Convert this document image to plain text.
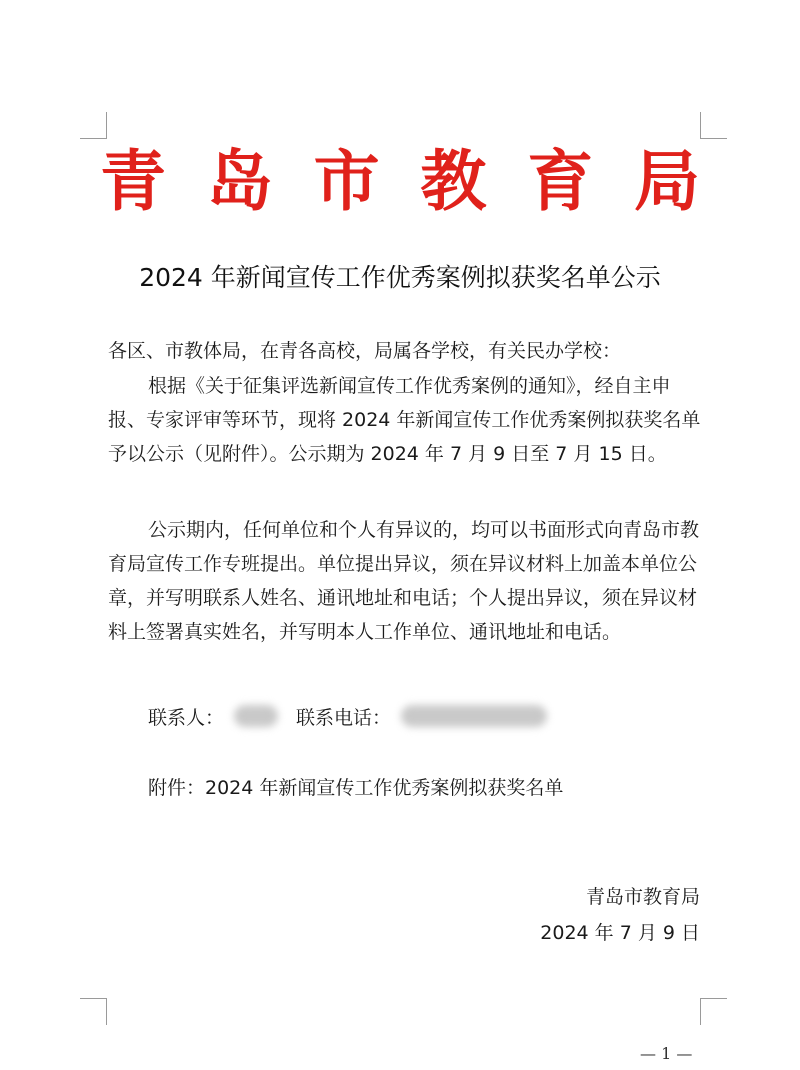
青 岛 市 教 育 局
2024 年新闻宣传工作优秀案例拟获奖名单公示

各区、市教体局，在青各高校，局属各学校，有关民办学校：

根据《关于征集评选新闻宣传工作优秀案例的通知》，经自主申报、专家评审等环节，现将 2024 年新闻宣传工作优秀案例拟获奖名单予以公示（见附件）。公示期为 2024 年 7 月 9 日至 7 月 15 日。

公示期内，任何单位和个人有异议的，均可以书面形式向青岛市教育局宣传工作专班提出。单位提出异议，须在异议材料上加盖本单位公章，并写明联系人姓名、通讯地址和电话；个人提出异议，须在异议材料上签署真实姓名，并写明本人工作单位、通讯地址和电话。

联系人：	联系电话：
附件：2024 年新闻宣传工作优秀案例拟获奖名单
青岛市教育局
2024 年 7 月 9 日
— 1 —
